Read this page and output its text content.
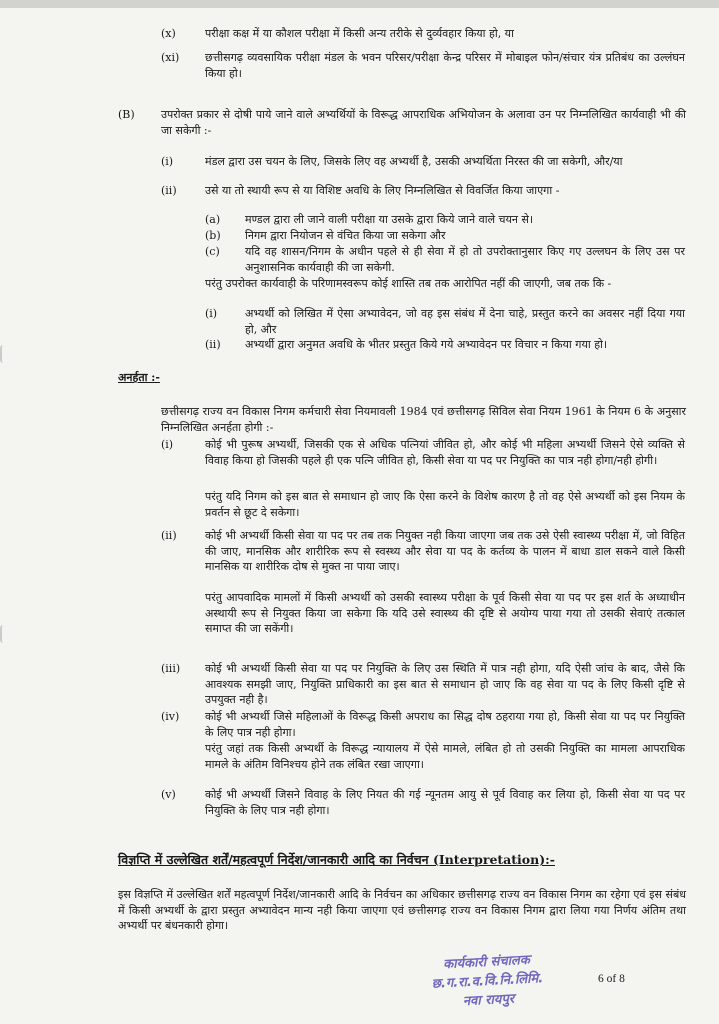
(x)	परीक्षा कक्ष में या कौशल परीक्षा में किसी अन्य तरीके से दुर्व्यवहार किया हो, या
(xi) छत्तीसगढ़ व्यवसायिक परीक्षा मंडल के भवन परिसर/परीक्षा केन्द्र परिसर में मोबाइल फोन/संचार यंत्र प्रतिबंध का उल्लंघन किया हो।
(B) उपरोक्त प्रकार से दोषी पाये जाने वाले अभ्यर्थियों के विरूद्ध आपराधिक अभियोजन के अलावा उन पर निम्नलिखित कार्यवाही भी की जा सकेगी :-
(i)	मंडल द्वारा उस चयन के लिए, जिसके लिए वह अभ्यर्थी है, उसकी अभ्यर्थिता निरस्त की जा सकेगी, और/या
(ii)	उसे या तो स्थायी रूप से या विशिष्ट अवधि के लिए निम्नलिखित से विवर्जित किया जाएगा -
(a) मण्डल द्वारा ली जाने वाली परीक्षा या उसके द्वारा किये जाने वाले चयन से।
(b) निगम द्वारा नियोजन से वंचित किया जा सकेगा और
(c) यदि वह शासन/निगम के अधीन पहले से ही सेवा में हो तो उपरोक्तानुसार किए गए उल्लघन के लिए उस पर अनुशासनिक कार्यवाही की जा सकेगी.
परंतु उपरोक्त कार्यवाही के परिणामस्वरूप कोई शास्ति तब तक आरोपित नहीं की जाएगी, जब तक कि -
(i)	अभ्यर्थी को लिखित में ऐसा अभ्यावेदन, जो वह इस संबंध में देना चाहे, प्रस्तुत करने का अवसर नहीं दिया गया हो, और
(ii) अभ्यर्थी द्वारा अनुमत अवधि के भीतर प्रस्तुत किये गये अभ्यावेदन पर विचार न किया गया हो।
अनर्हता :-
छत्तीसगढ़ राज्य वन विकास निगम कर्मचारी सेवा नियमावली 1984 एवं छत्तीसगढ़ सिविल सेवा नियम 1961 के नियम 6 के अनुसार निम्नलिखित अनर्हता होगी :-
(i)	कोई भी पुरूष अभ्यर्थी, जिसकी एक से अधिक पत्नियां जीवित हो, और कोई भी महिला अभ्यर्थी जिसने ऐसे व्यक्ति से विवाह किया हो जिसकी पहले ही एक पत्नि जीवित हो, किसी सेवा या पद पर नियुक्ति का पात्र नही होगा/नही होगी।
परंतु यदि निगम को इस बात से समाधान हो जाए कि ऐसा करने के विशेष कारण है तो वह ऐसे अभ्यर्थी को इस नियम के प्रवर्तन से छूट दे सकेगा।
(ii)	कोई भी अभ्यर्थी किसी सेवा या पद पर तब तक नियुक्त नही किया जाएगा जब तक उसे ऐसी स्वास्थ्य परीक्षा में, जो विहित की जाए, मानसिक और शारीरिक रूप से स्वस्थ्य और सेवा या पद के कर्तव्य के पालन में बाधा डाल सकने वाले किसी मानसिक या शारीरिक दोष से मुक्त ना पाया जाए।
परंतु आपवादिक मामलों में किसी अभ्यर्थी को उसकी स्वास्थ्य परीक्षा के पूर्व किसी सेवा या पद पर इस शर्त के अध्याधीन अस्थायी रूप से नियुक्त किया जा सकेगा कि यदि उसे स्वास्थ्य की दृष्टि से अयोग्य पाया गया तो उसकी सेवाएं तत्काल समाप्त की जा सकेंगी।
(iii) कोई भी अभ्यर्थी किसी सेवा या पद पर नियुक्ति के लिए उस स्थिति में पात्र नही होगा, यदि ऐसी जांच के बाद, जैसे कि आवश्यक समझी जाए, नियुक्ति प्राधिकारी का इस बात से समाधान हो जाए कि वह सेवा या पद के लिए किसी दृष्टि से उपयुक्त नही है।
(iv) कोई भी अभ्यर्थी जिसे महिलाओं के विरूद्ध किसी अपराध का सिद्ध दोष ठहराया गया हो, किसी सेवा या पद पर नियुक्ति के लिए पात्र नही होगा।
परंतु जहां तक किसी अभ्यर्थी के विरूद्ध न्यायालय में ऐसे मामले, लंबित हो तो उसकी नियुक्ति का मामला आपराधिक मामले के अंतिम विनिश्चय होने तक लंबित रखा जाएगा।
(v)	कोई भी अभ्यर्थी जिसने विवाह के लिए नियत की गई न्यूनतम आयु से पूर्व विवाह कर लिया हो, किसी सेवा या पद पर नियुक्ति के लिए पात्र नही होगा।
विज्ञप्ति में उल्लेखित शर्तें/महत्वपूर्ण निर्देश/जानकारी आदि का निर्वचन (Interpretation):-
इस विज्ञप्ति में उल्लेखित शर्तें महत्वपूर्ण निर्देश/जानकारी आदि के निर्वचन का अधिकार छत्तीसगढ़ राज्य वन विकास निगम का रहेगा एवं इस संबंध में किसी अभ्यर्थी के द्वारा प्रस्तुत अभ्यावेदन मान्य नही किया जाएगा एवं छत्तीसगढ़ राज्य वन विकास निगम द्वारा लिया गया निर्णय अंतिम तथा अभ्यर्थी पर बंधनकारी होगा।
कार्यकारी संचालक
छ.ग.रा.व.वि.नि.लिमि.
नवा रायपुर
6 of 8
